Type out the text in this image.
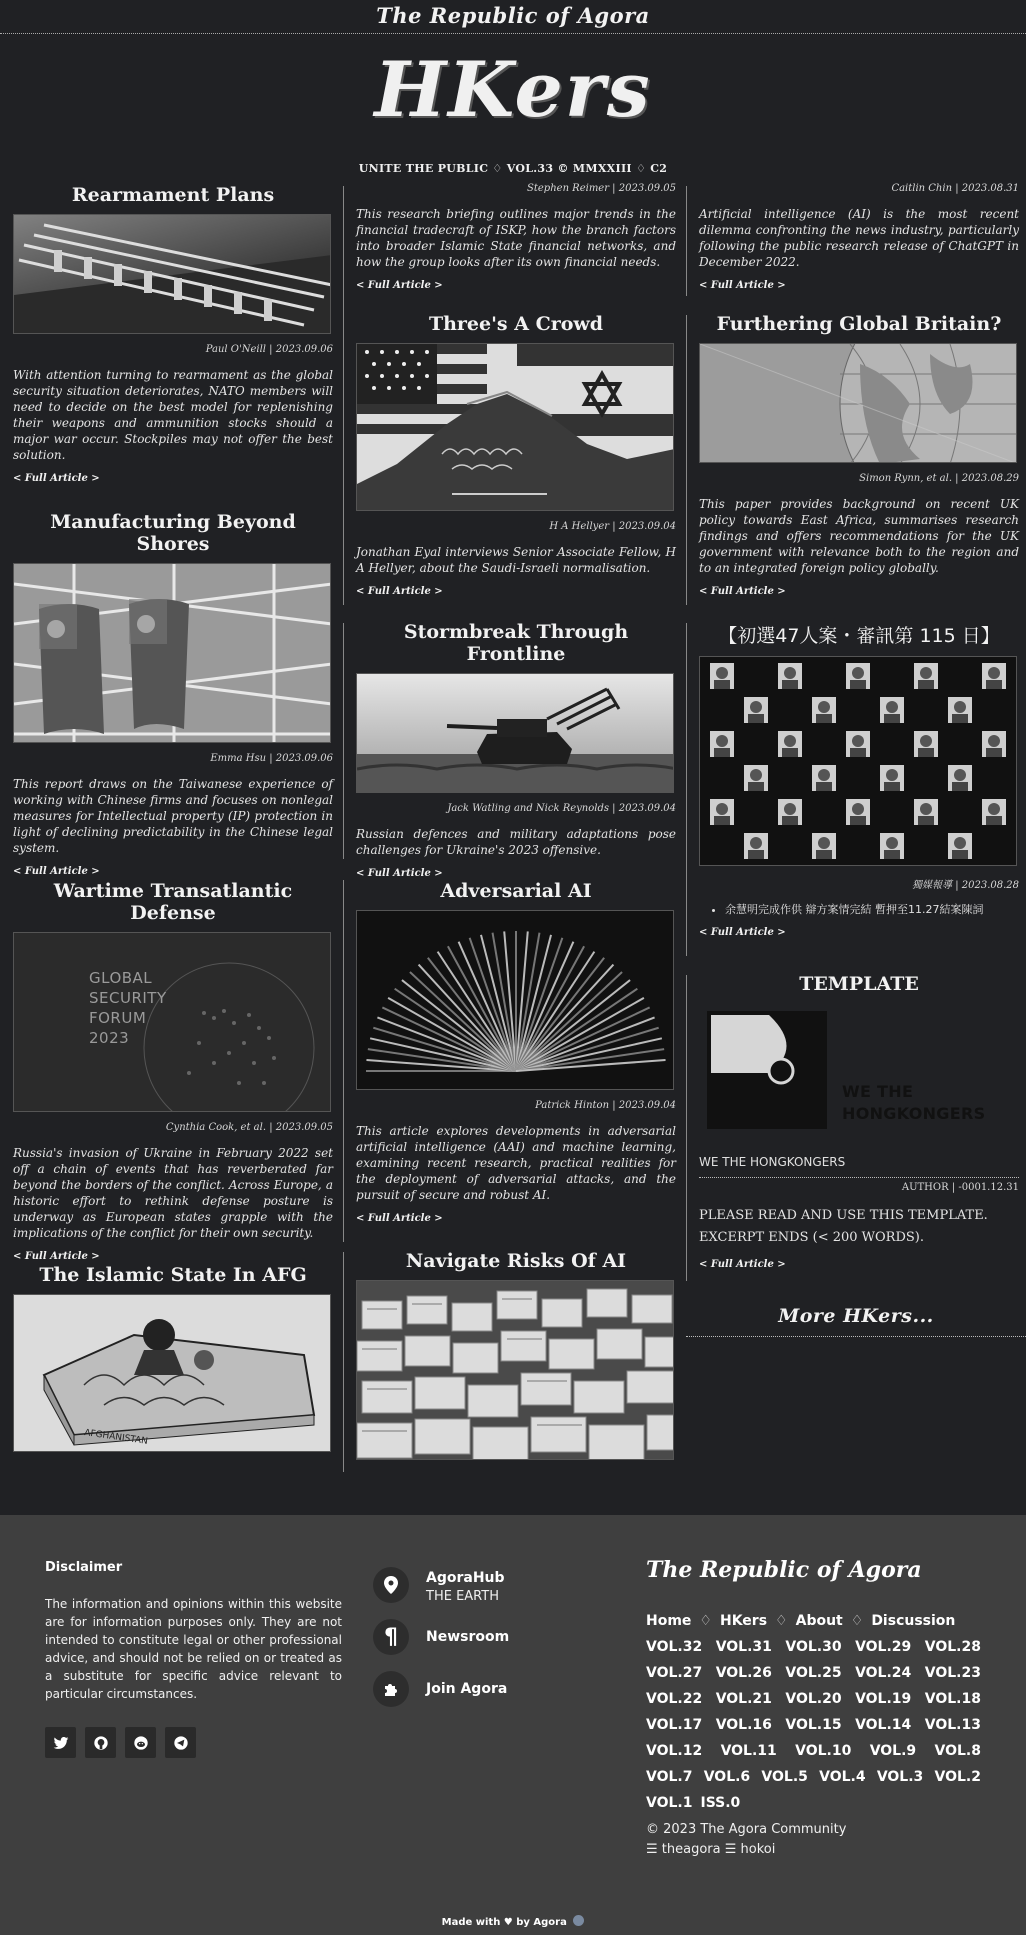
The Republic of Agora
HKers
UNITE THE PUBLIC ♢ VOL.33 © MMXXIII ♢ C2
Rearmament Plans
Paul O'Neill | 2023.09.06
With attention turning to rearmament as the global security situation deteriorates, NATO members will need to decide on the best model for replenishing their weapons and ammunition stocks should a major war occur. Stockpiles may not offer the best solution.
< Full Article >
Manufacturing Beyond Shores
Emma Hsu | 2023.09.06
This report draws on the Taiwanese experience of working with Chinese firms and focuses on nonlegal measures for Intellectual property (IP) protection in light of declining predictability in the Chinese legal system.
< Full Article >
Wartime Transatlantic Defense
GLOBAL
SECURITY
FORUM
2023
Cynthia Cook, et al. | 2023.09.05
Russia's invasion of Ukraine in February 2022 set off a chain of events that has reverberated far beyond the borders of the conflict. Across Europe, a historic effort to rethink defense posture is underway as European states grapple with the implications of the conflict for their own security.
< Full Article >
The Islamic State In AFG
AFGHANISTAN
Stephen Reimer | 2023.09.05
This research briefing outlines major trends in the financial tradecraft of ISKP, how the branch factors into broader Islamic State financial networks, and how the group looks after its own financial needs.
< Full Article >
Three's A Crowd
H A Hellyer | 2023.09.04
Jonathan Eyal interviews Senior Associate Fellow, H A Hellyer, about the Saudi-Israeli normalisation.
< Full Article >
Stormbreak Through Frontline
Jack Watling and Nick Reynolds | 2023.09.04
Russian defences and military adaptations pose challenges for Ukraine's 2023 offensive.
< Full Article >
Adversarial AI
Patrick Hinton | 2023.09.04
This article explores developments in adversarial artificial intelligence (AAI) and machine learning, examining recent research, practical realities for the deployment of adversarial attacks, and the pursuit of secure and robust AI.
< Full Article >
Navigate Risks Of AI
Caitlin Chin | 2023.08.31
Artificial intelligence (AI) is the most recent dilemma confronting the news industry, particularly following the public research release of ChatGPT in December 2022.
< Full Article >
Furthering Global Britain?
Simon Rynn, et al. | 2023.08.29
This paper provides background on recent UK policy towards East Africa, summarises research findings and offers recommendations for the UK government with relevance both to the region and to an integrated foreign policy globally.
< Full Article >
【初選47人案・審訊第 115 日】
獨媒報導 | 2023.08.28
• 余慧明完成作供 辯方案情完結 暫押至11.27結案陳詞
< Full Article >
TEMPLATE
WE THE
HONGKONGERS
WE THE HONGKONGERS
AUTHOR | -0001.12.31
PLEASE READ AND USE THIS TEMPLATE.
EXCERPT ENDS (< 200 WORDS).
< Full Article >
More HKers...
Disclaimer
The information and opinions within this website are for information purposes only. They are not intended to constitute legal or other professional advice, and should not be relied on or treated as a substitute for specific advice relevant to particular circumstances.
AgoraHub
THE EARTH
¶ Newsroom
Join Agora
The Republic of Agora
Home ♢ HKers ♢ About ♢ Discussion
VOL.32 VOL.31 VOL.30 VOL.29 VOL.28
VOL.27 VOL.26 VOL.25 VOL.24 VOL.23
VOL.22 VOL.21 VOL.20 VOL.19 VOL.18
VOL.17 VOL.16 VOL.15 VOL.14 VOL.13
VOL.12 VOL.11 VOL.10 VOL.9 VOL.8
VOL.7 VOL.6 VOL.5 VOL.4 VOL.3 VOL.2
VOL.1 ISS.0
© 2023 The Agora Community
☰ theagora ☰ hokoi
Made with ♥ by Agora
